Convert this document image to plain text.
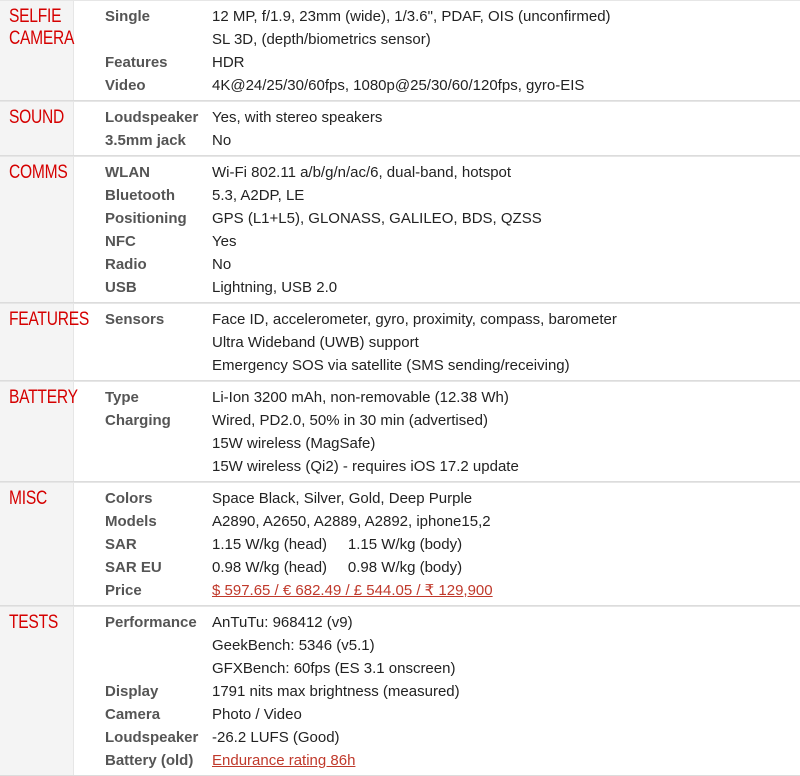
SELFIE
CAMERA
Single	12 MP, f/1.9, 23mm (wide), 1/3.6", PDAF, OIS (unconfirmed)
SL 3D, (depth/biometrics sensor)
Features	HDR
Video	4K@24/25/30/60fps, 1080p@25/30/60/120fps, gyro-EIS
SOUND	Loudspeaker Yes, with stereo speakers
3.5mm jack	No
COMMS	WLAN	Wi-Fi 802.11 a/b/g/n/ac/6, dual-band, hotspot
Bluetooth	5.3, A2DP, LE
Positioning	GPS (L1+L5), GLONASS, GALILEO, BDS, QZSS
NFC	Yes
Radio	No
USB	Lightning, USB 2.0
FEATURES	Sensors	Face ID, accelerometer, gyro, proximity, compass, barometer
Ultra Wideband (UWB) support
Emergency SOS via satellite (SMS sending/receiving)
BATTERY	Type	Li-Ion 3200 mAh, non-removable (12.38 Wh)
Charging	Wired, PD2.0, 50% in 30 min (advertised)
15W wireless (MagSafe)
15W wireless (Qi2) - requires iOS 17.2 update
MISC	Colors	Space Black, Silver, Gold, Deep Purple
Models	A2890, A2650, A2889, A2892, iphone15,2
SAR	1.15 W/kg (head)     1.15 W/kg (body)
SAR EU	0.98 W/kg (head)     0.98 W/kg (body)
Price	$ 597.65 / € 682.49 / £ 544.05 / ₹ 129,900
TESTS	Performance	AnTuTu: 968412 (v9)
GeekBench: 5346 (v5.1)
GFXBench: 60fps (ES 3.1 onscreen)
Display	1791 nits max brightness (measured)
Camera	Photo / Video
Loudspeaker -26.2 LUFS (Good)
Battery (old)	Endurance rating 86h
